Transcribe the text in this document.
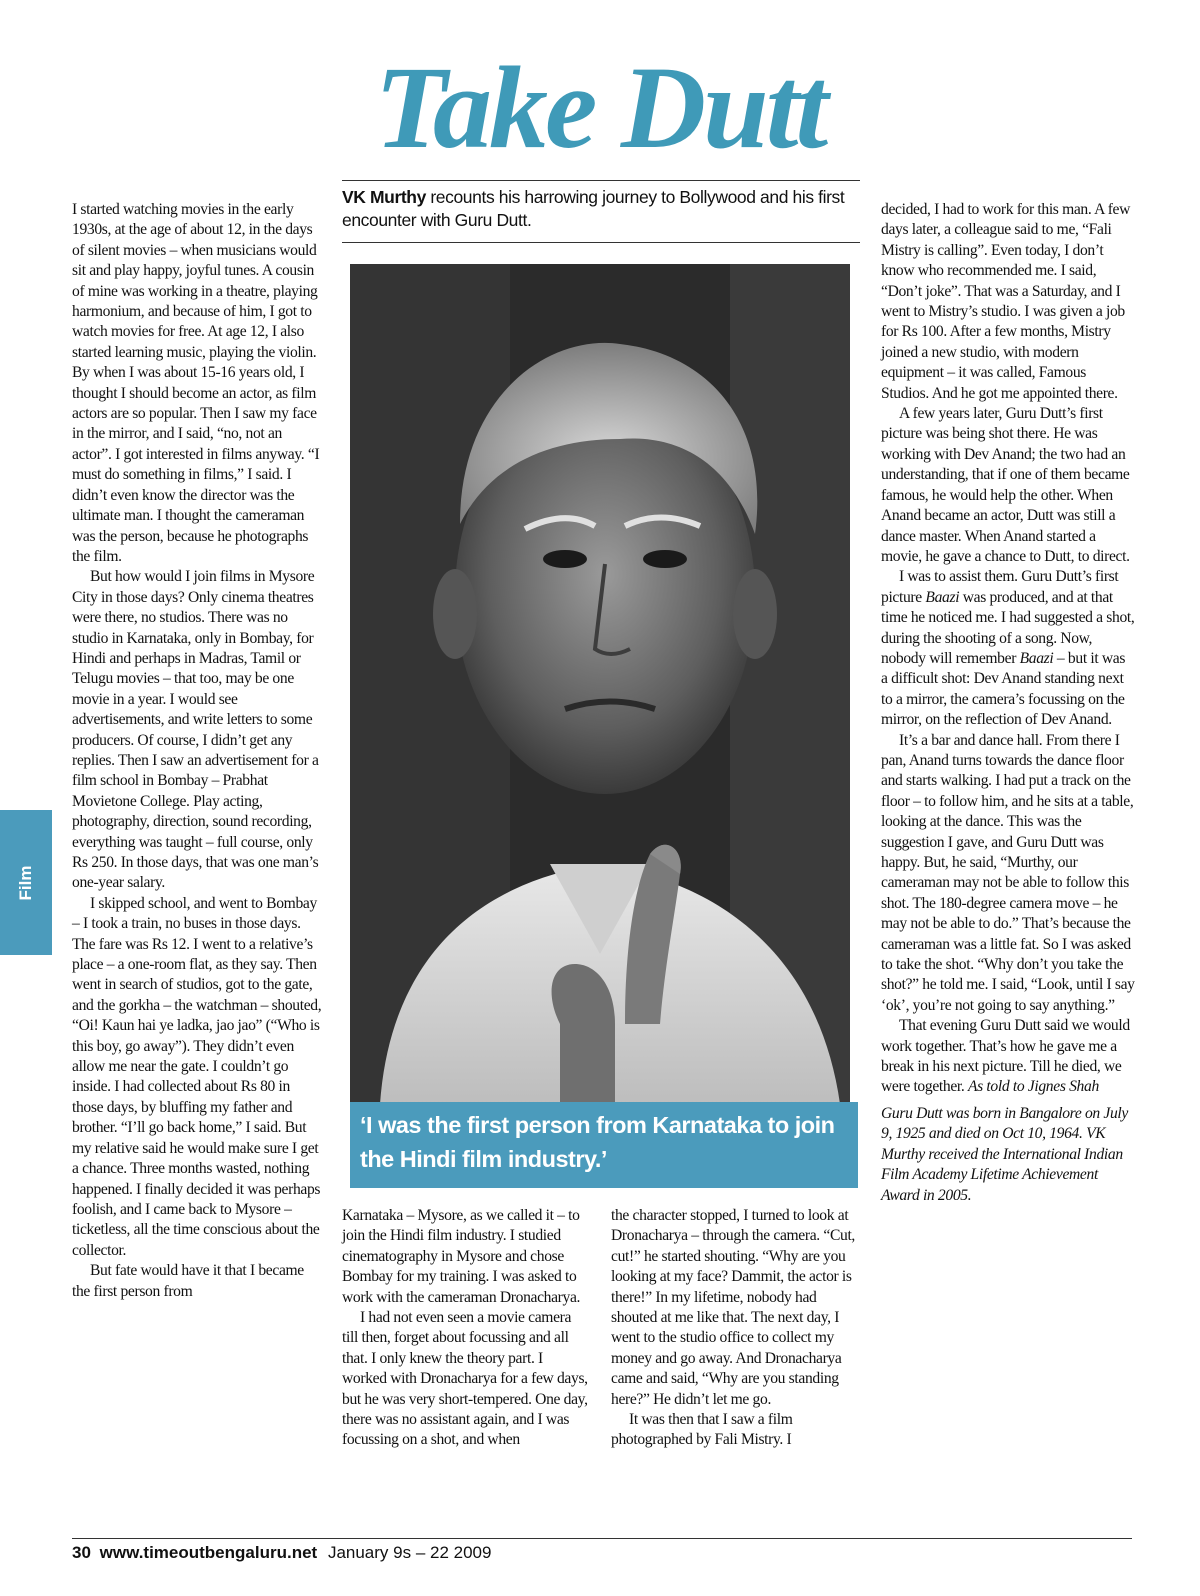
Take Dutt
VK Murthy recounts his harrowing journey to Bollywood and his first encounter with Guru Dutt.
Film

I started watching movies in the early 1930s, at the age of about 12, in the days of silent movies – when musicians would sit and play happy, joyful tunes. A cousin of mine was working in a theatre, playing harmonium, and because of him, I got to watch movies for free. At age 12, I also started learning music, playing the violin. By when I was about 15-16 years old, I thought I should become an actor, as film actors are so popular. Then I saw my face in the mirror, and I said, “no, not an actor”. I got interested in films anyway. “I must do something in films,” I said. I didn’t even know the director was the ultimate man. I thought the cameraman was the person, because he photographs the film.

But how would I join films in Mysore City in those days? Only cinema theatres were there, no studios. There was no studio in Karnataka, only in Bombay, for Hindi and perhaps in Madras, Tamil or Telugu movies – that too, may be one movie in a year. I would see advertisements, and write letters to some producers. Of course, I didn’t get any replies. Then I saw an advertisement for a film school in Bombay – Prabhat Movietone College. Play acting, photography, direction, sound recording, everything was taught – full course, only Rs 250. In those days, that was one man’s one-year salary.

I skipped school, and went to Bombay – I took a train, no buses in those days. The fare was Rs 12. I went to a relative’s place – a one-room flat, as they say. Then went in search of studios, got to the gate, and the gorkha – the watchman – shouted, “Oi! Kaun hai ye ladka, jao jao” (“Who is this boy, go away”). They didn’t even allow me near the gate. I couldn’t go inside. I had collected about Rs 80 in those days, by bluffing my father and brother. “I’ll go back home,” I said. But my relative said he would make sure I get a chance. Three months wasted, nothing happened. I finally decided it was perhaps foolish, and I came back to Mysore – ticketless, all the time conscious about the collector.

But fate would have it that I became the first person from

‘I was the first person from Karnataka to join the Hindi film industry.’

Karnataka – Mysore, as we called it – to join the Hindi film industry. I studied cinematography in Mysore and chose Bombay for my training. I was asked to work with the cameraman Dronacharya.

I had not even seen a movie camera till then, forget about focussing and all that. I only knew the theory part. I worked with Dronacharya for a few days, but he was very short-tempered. One day, there was no assistant again, and I was focussing on a shot, and when

the character stopped, I turned to look at Dronacharya – through the camera. “Cut, cut!” he started shouting. “Why are you looking at my face? Dammit, the actor is there!” In my lifetime, nobody had shouted at me like that. The next day, I went to the studio office to collect my money and go away. And Dronacharya came and said, “Why are you standing here?” He didn’t let me go.

It was then that I saw a film photographed by Fali Mistry. I

decided, I had to work for this man. A few days later, a colleague said to me, “Fali Mistry is calling”. Even today, I don’t know who recommended me. I said, “Don’t joke”. That was a Saturday, and I went to Mistry’s studio. I was given a job for Rs 100. After a few months, Mistry joined a new studio, with modern equipment – it was called, Famous Studios. And he got me appointed there.

A few years later, Guru Dutt’s first picture was being shot there. He was working with Dev Anand; the two had an understanding, that if one of them became famous, he would help the other. When Anand became an actor, Dutt was still a dance master. When Anand started a movie, he gave a chance to Dutt, to direct.

I was to assist them. Guru Dutt’s first picture Baazi was produced, and at that time he noticed me. I had suggested a shot, during the shooting of a song. Now, nobody will remember Baazi – but it was a difficult shot: Dev Anand standing next to a mirror, the camera’s focussing on the mirror, on the reflection of Dev Anand.

It’s a bar and dance hall. From there I pan, Anand turns towards the dance floor and starts walking. I had put a track on the floor – to follow him, and he sits at a table, looking at the dance. This was the suggestion I gave, and Guru Dutt was happy. But, he said, “Murthy, our cameraman may not be able to follow this shot. The 180-degree camera move – he may not be able to do.” That’s because the cameraman was a little fat. So I was asked to take the shot. “Why don’t you take the shot?” he told me. I said, “Look, until I say ‘ok’, you’re not going to say anything.”

That evening Guru Dutt said we would work together. That’s how he gave me a break in his next picture. Till he died, we were together. As told to Jignes Shah

Guru Dutt was born in Bangalore on July 9, 1925 and died on Oct 10, 1964. VK Murthy received the International Indian Film Academy Lifetime Achievement Award in 2005.

30 www.timeoutbengaluru.net January 9s – 22 2009
